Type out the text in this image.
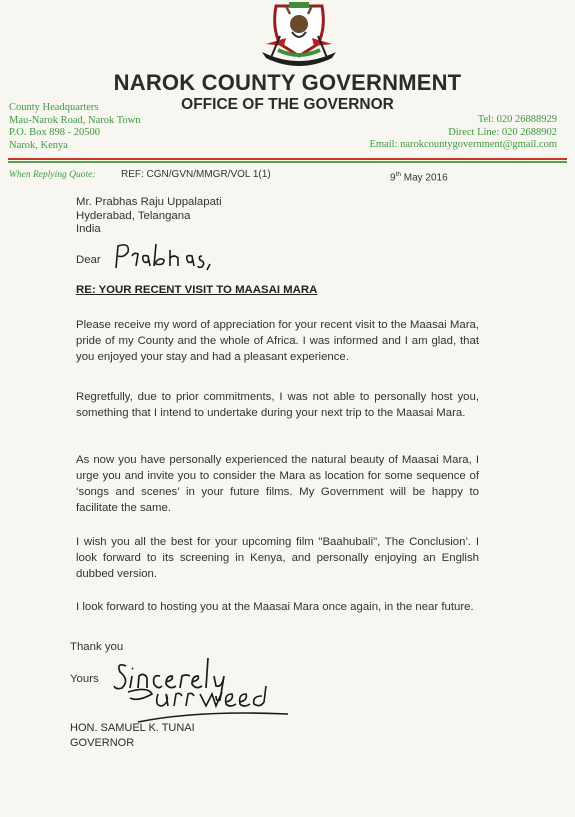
NAROK COUNTY GOVERNMENT
OFFICE OF THE GOVERNOR
County Headquarters
Mau-Narok Road, Narok Town
P.O. Box 898 - 20500
Narok, Kenya
Tel: 020 26888929
Direct Line: 020 2688902
Email: narokcountygovernment@gmail.com
When Replying Quote:	REF: CGN/GVN/MMGR/VOL 1(1)	9th May 2016
Mr. Prabhas Raju Uppalapati
Hyderabad, Telangana
India
Dear
RE: YOUR RECENT VISIT TO MAASAI MARA
Please receive my word of appreciation for your recent visit to the Maasai Mara, pride of my County and the whole of Africa. I was informed and I am glad, that you enjoyed your stay and had a pleasant experience.
Regretfully, due to prior commitments, I was not able to personally host you, something that I intend to undertake during your next trip to the Maasai Mara.
As now you have personally experienced the natural beauty of Maasai Mara, I urge you and invite you to consider the Mara as location for some sequence of ‘songs and scenes’ in your future films. My Government will be happy to facilitate the same.
I wish you all the best for your upcoming film "Baahubali", The Conclusion’. I look forward to its screening in Kenya, and personally enjoying an English dubbed version.
I look forward to hosting you at the Maasai Mara once again, in the near future.
Thank you
Yours
HON. SAMUEL K. TUNAI
GOVERNOR
